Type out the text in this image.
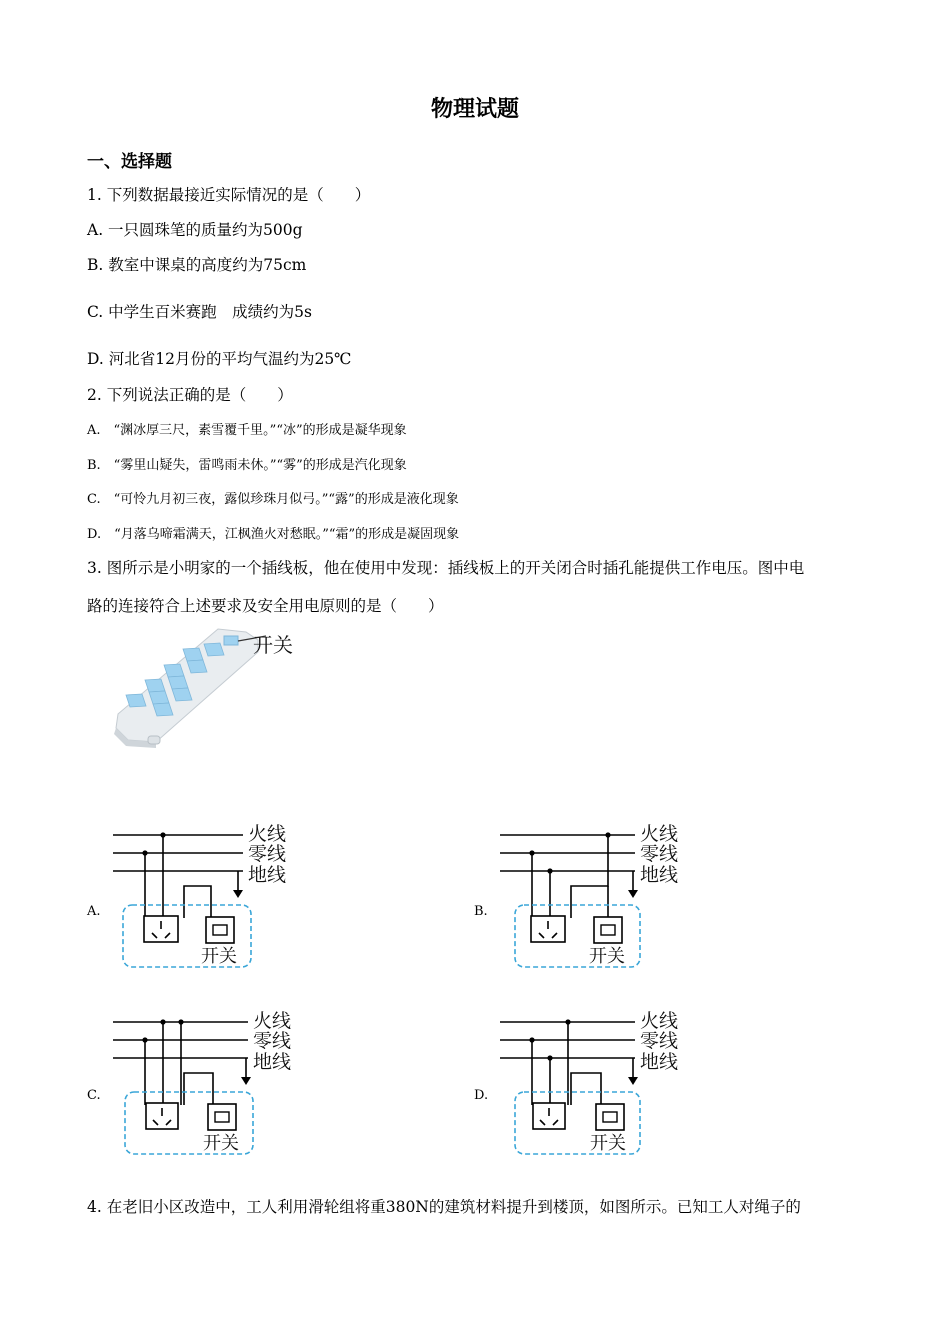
物理试题
一、选择题
1. 下列数据最接近实际情况的是（　　）
A. 一只圆珠笔的质量约为500g
B. 教室中课桌的高度约为75cm
C. 中学生百米赛跑　成绩约为5s
D. 河北省12月份的平均气温约为25℃
2. 下列说法正确的是（　　）
A.　“渊冰厚三尺，素雪覆千里。”“冰”的形成是凝华现象
B.　“雾里山疑失，雷鸣雨未休。”“雾”的形成是汽化现象
C.　“可怜九月初三夜，露似珍珠月似弓。”“露”的形成是液化现象
D.　“月落乌啼霜满天，江枫渔火对愁眠。”“霜”的形成是凝固现象
3. 图所示是小明家的一个插线板，他在使用中发现：插线板上的开关闭合时插孔能提供工作电压。图中电
路的连接符合上述要求及安全用电原则的是（　　）
开关
A.	B.
C.	D.
火线
零线
地线
开关
火线
零线
地线
开关
火线
零线
地线
开关
火线
零线
地线
开关
4. 在老旧小区改造中，工人利用滑轮组将重380N的建筑材料提升到楼顶，如图所示。已知工人对绳子的
